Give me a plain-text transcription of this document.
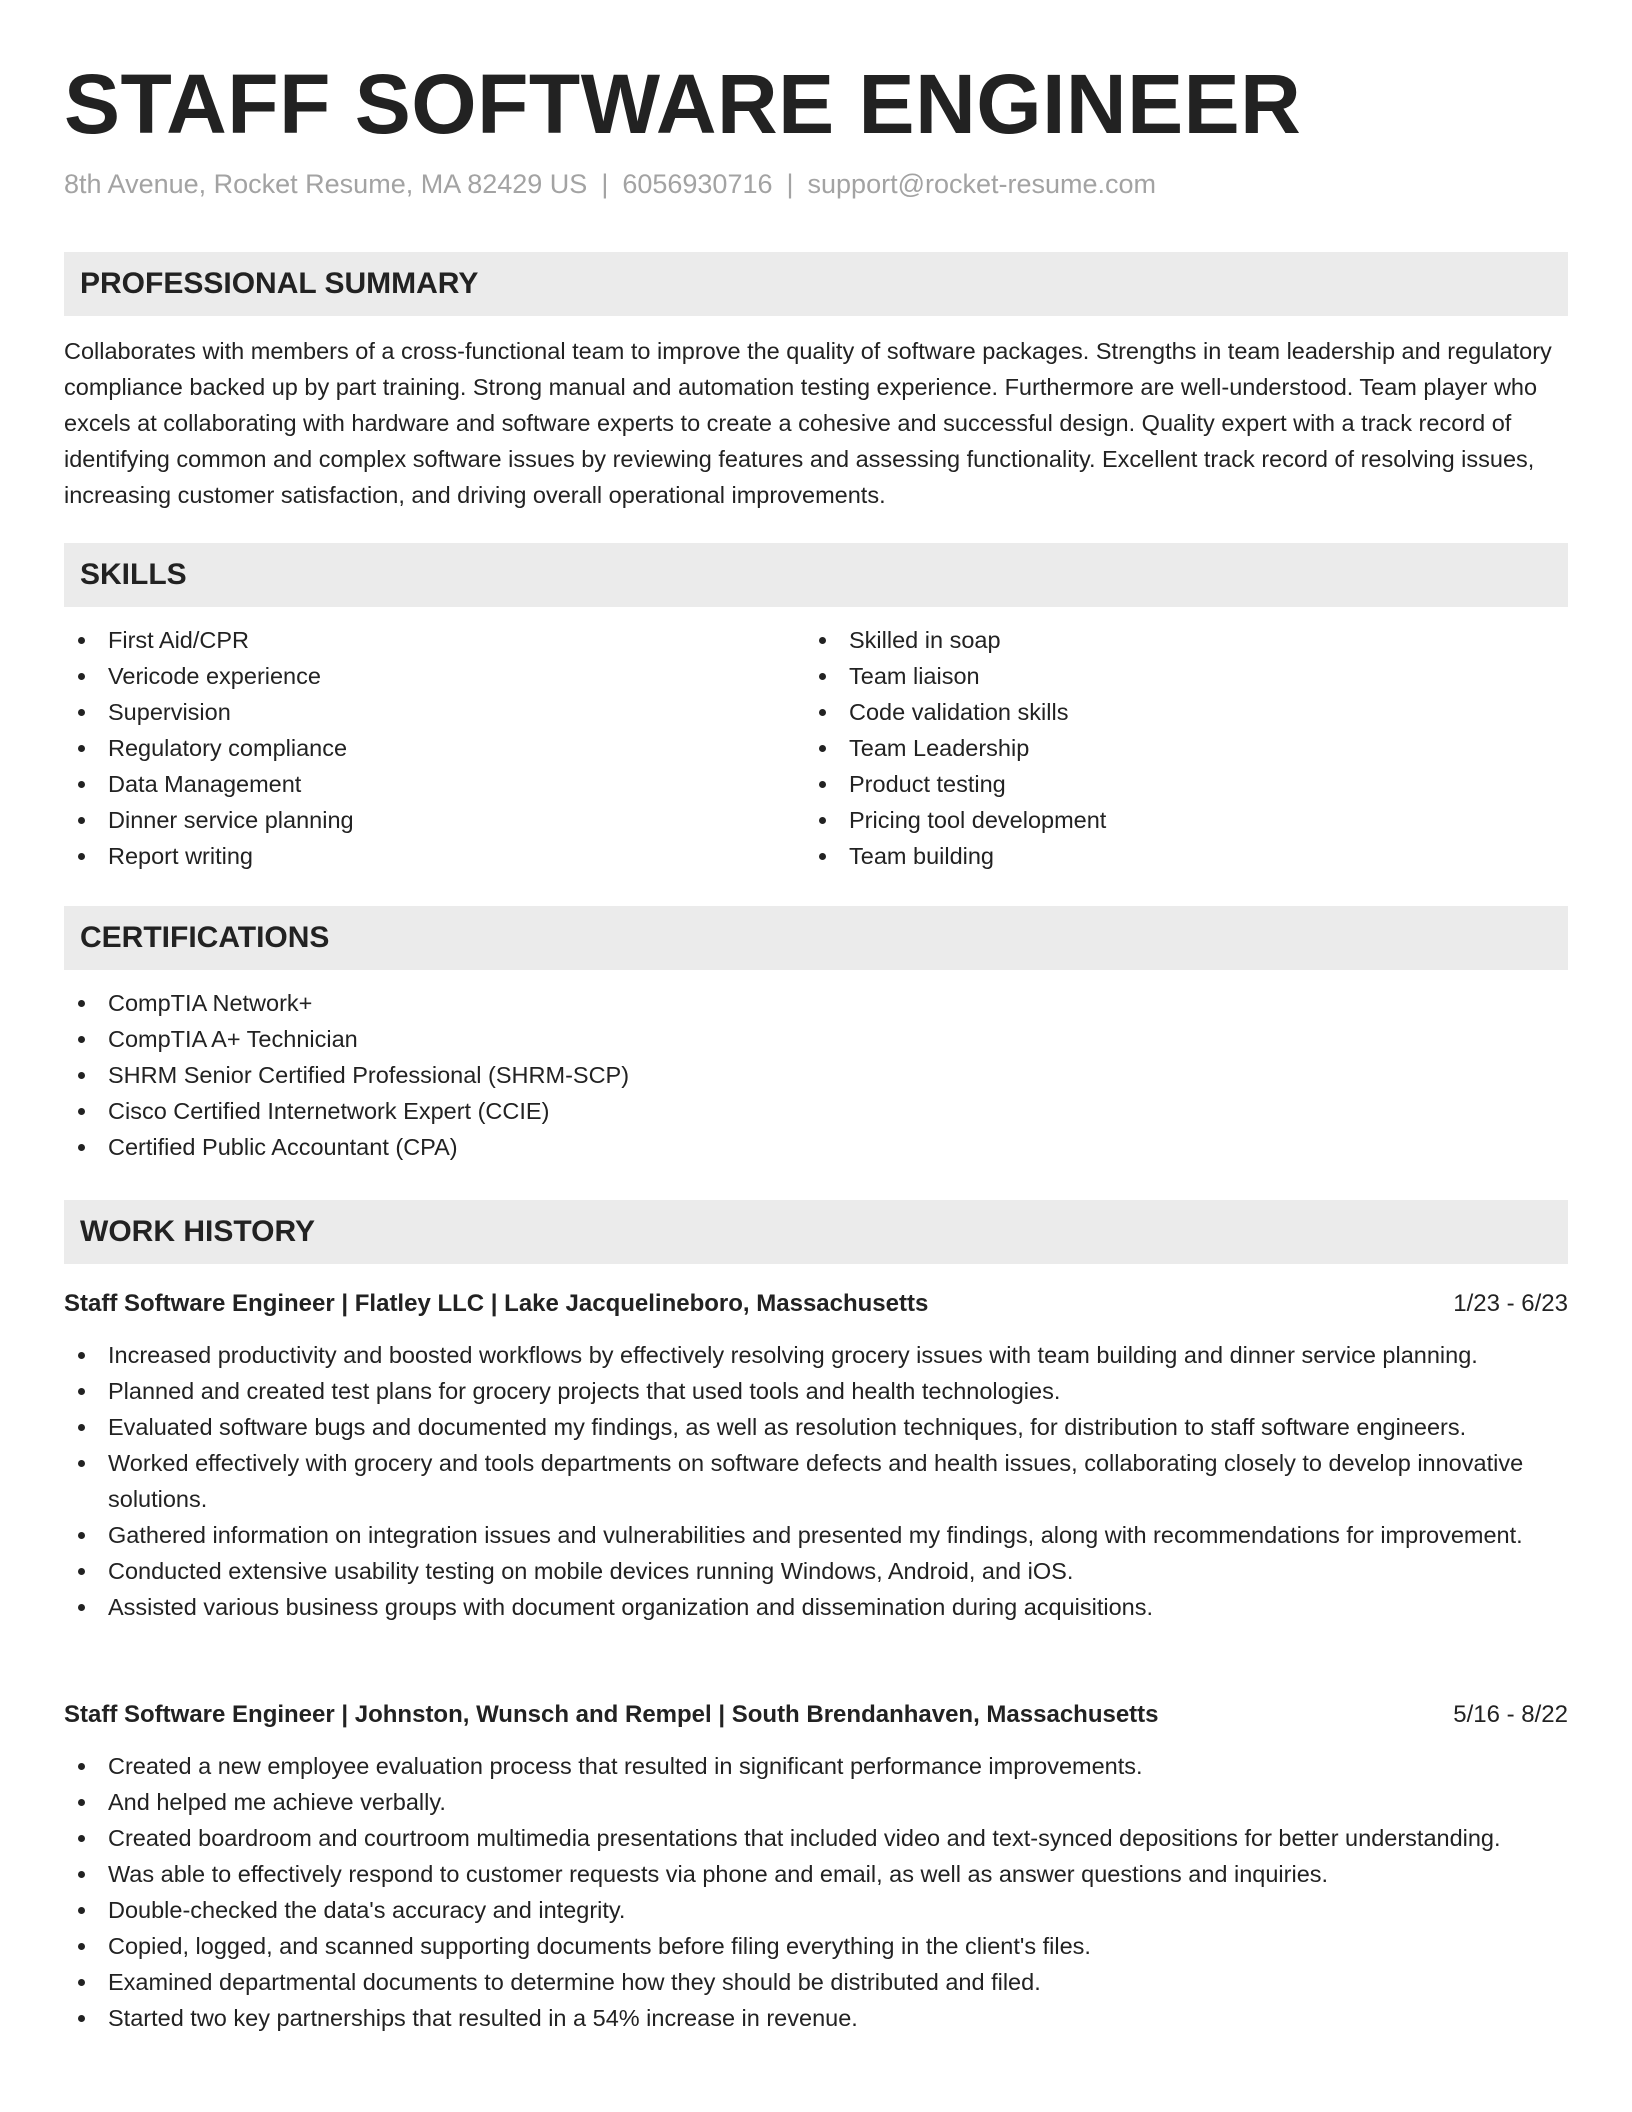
STAFF SOFTWARE ENGINEER
8th Avenue, Rocket Resume, MA 82429 US | 6056930716 | support@rocket-resume.com
PROFESSIONAL SUMMARY
Collaborates with members of a cross-functional team to improve the quality of software packages. Strengths in team leadership and regulatory compliance backed up by part training. Strong manual and automation testing experience. Furthermore are well-understood. Team player who excels at collaborating with hardware and software experts to create a cohesive and successful design. Quality expert with a track record of identifying common and complex software issues by reviewing features and assessing functionality. Excellent track record of resolving issues, increasing customer satisfaction, and driving overall operational improvements.
SKILLS
First Aid/CPR
Vericode experience
Supervision
Regulatory compliance
Data Management
Dinner service planning
Report writing
Skilled in soap
Team liaison
Code validation skills
Team Leadership
Product testing
Pricing tool development
Team building
CERTIFICATIONS
CompTIA Network+
CompTIA A+ Technician
SHRM Senior Certified Professional (SHRM-SCP)
Cisco Certified Internetwork Expert (CCIE)
Certified Public Accountant (CPA)
WORK HISTORY
Staff Software Engineer | Flatley LLC | Lake Jacquelineboro, Massachusetts	1/23 - 6/23
Increased productivity and boosted workflows by effectively resolving grocery issues with team building and dinner service planning.
Planned and created test plans for grocery projects that used tools and health technologies.
Evaluated software bugs and documented my findings, as well as resolution techniques, for distribution to staff software engineers.
Worked effectively with grocery and tools departments on software defects and health issues, collaborating closely to develop innovative solutions.
Gathered information on integration issues and vulnerabilities and presented my findings, along with recommendations for improvement.
Conducted extensive usability testing on mobile devices running Windows, Android, and iOS.
Assisted various business groups with document organization and dissemination during acquisitions.
Staff Software Engineer | Johnston, Wunsch and Rempel | South Brendanhaven, Massachusetts	5/16 - 8/22
Created a new employee evaluation process that resulted in significant performance improvements.
And helped me achieve verbally.
Created boardroom and courtroom multimedia presentations that included video and text-synced depositions for better understanding.
Was able to effectively respond to customer requests via phone and email, as well as answer questions and inquiries.
Double-checked the data's accuracy and integrity.
Copied, logged, and scanned supporting documents before filing everything in the client's files.
Examined departmental documents to determine how they should be distributed and filed.
Started two key partnerships that resulted in a 54% increase in revenue.
